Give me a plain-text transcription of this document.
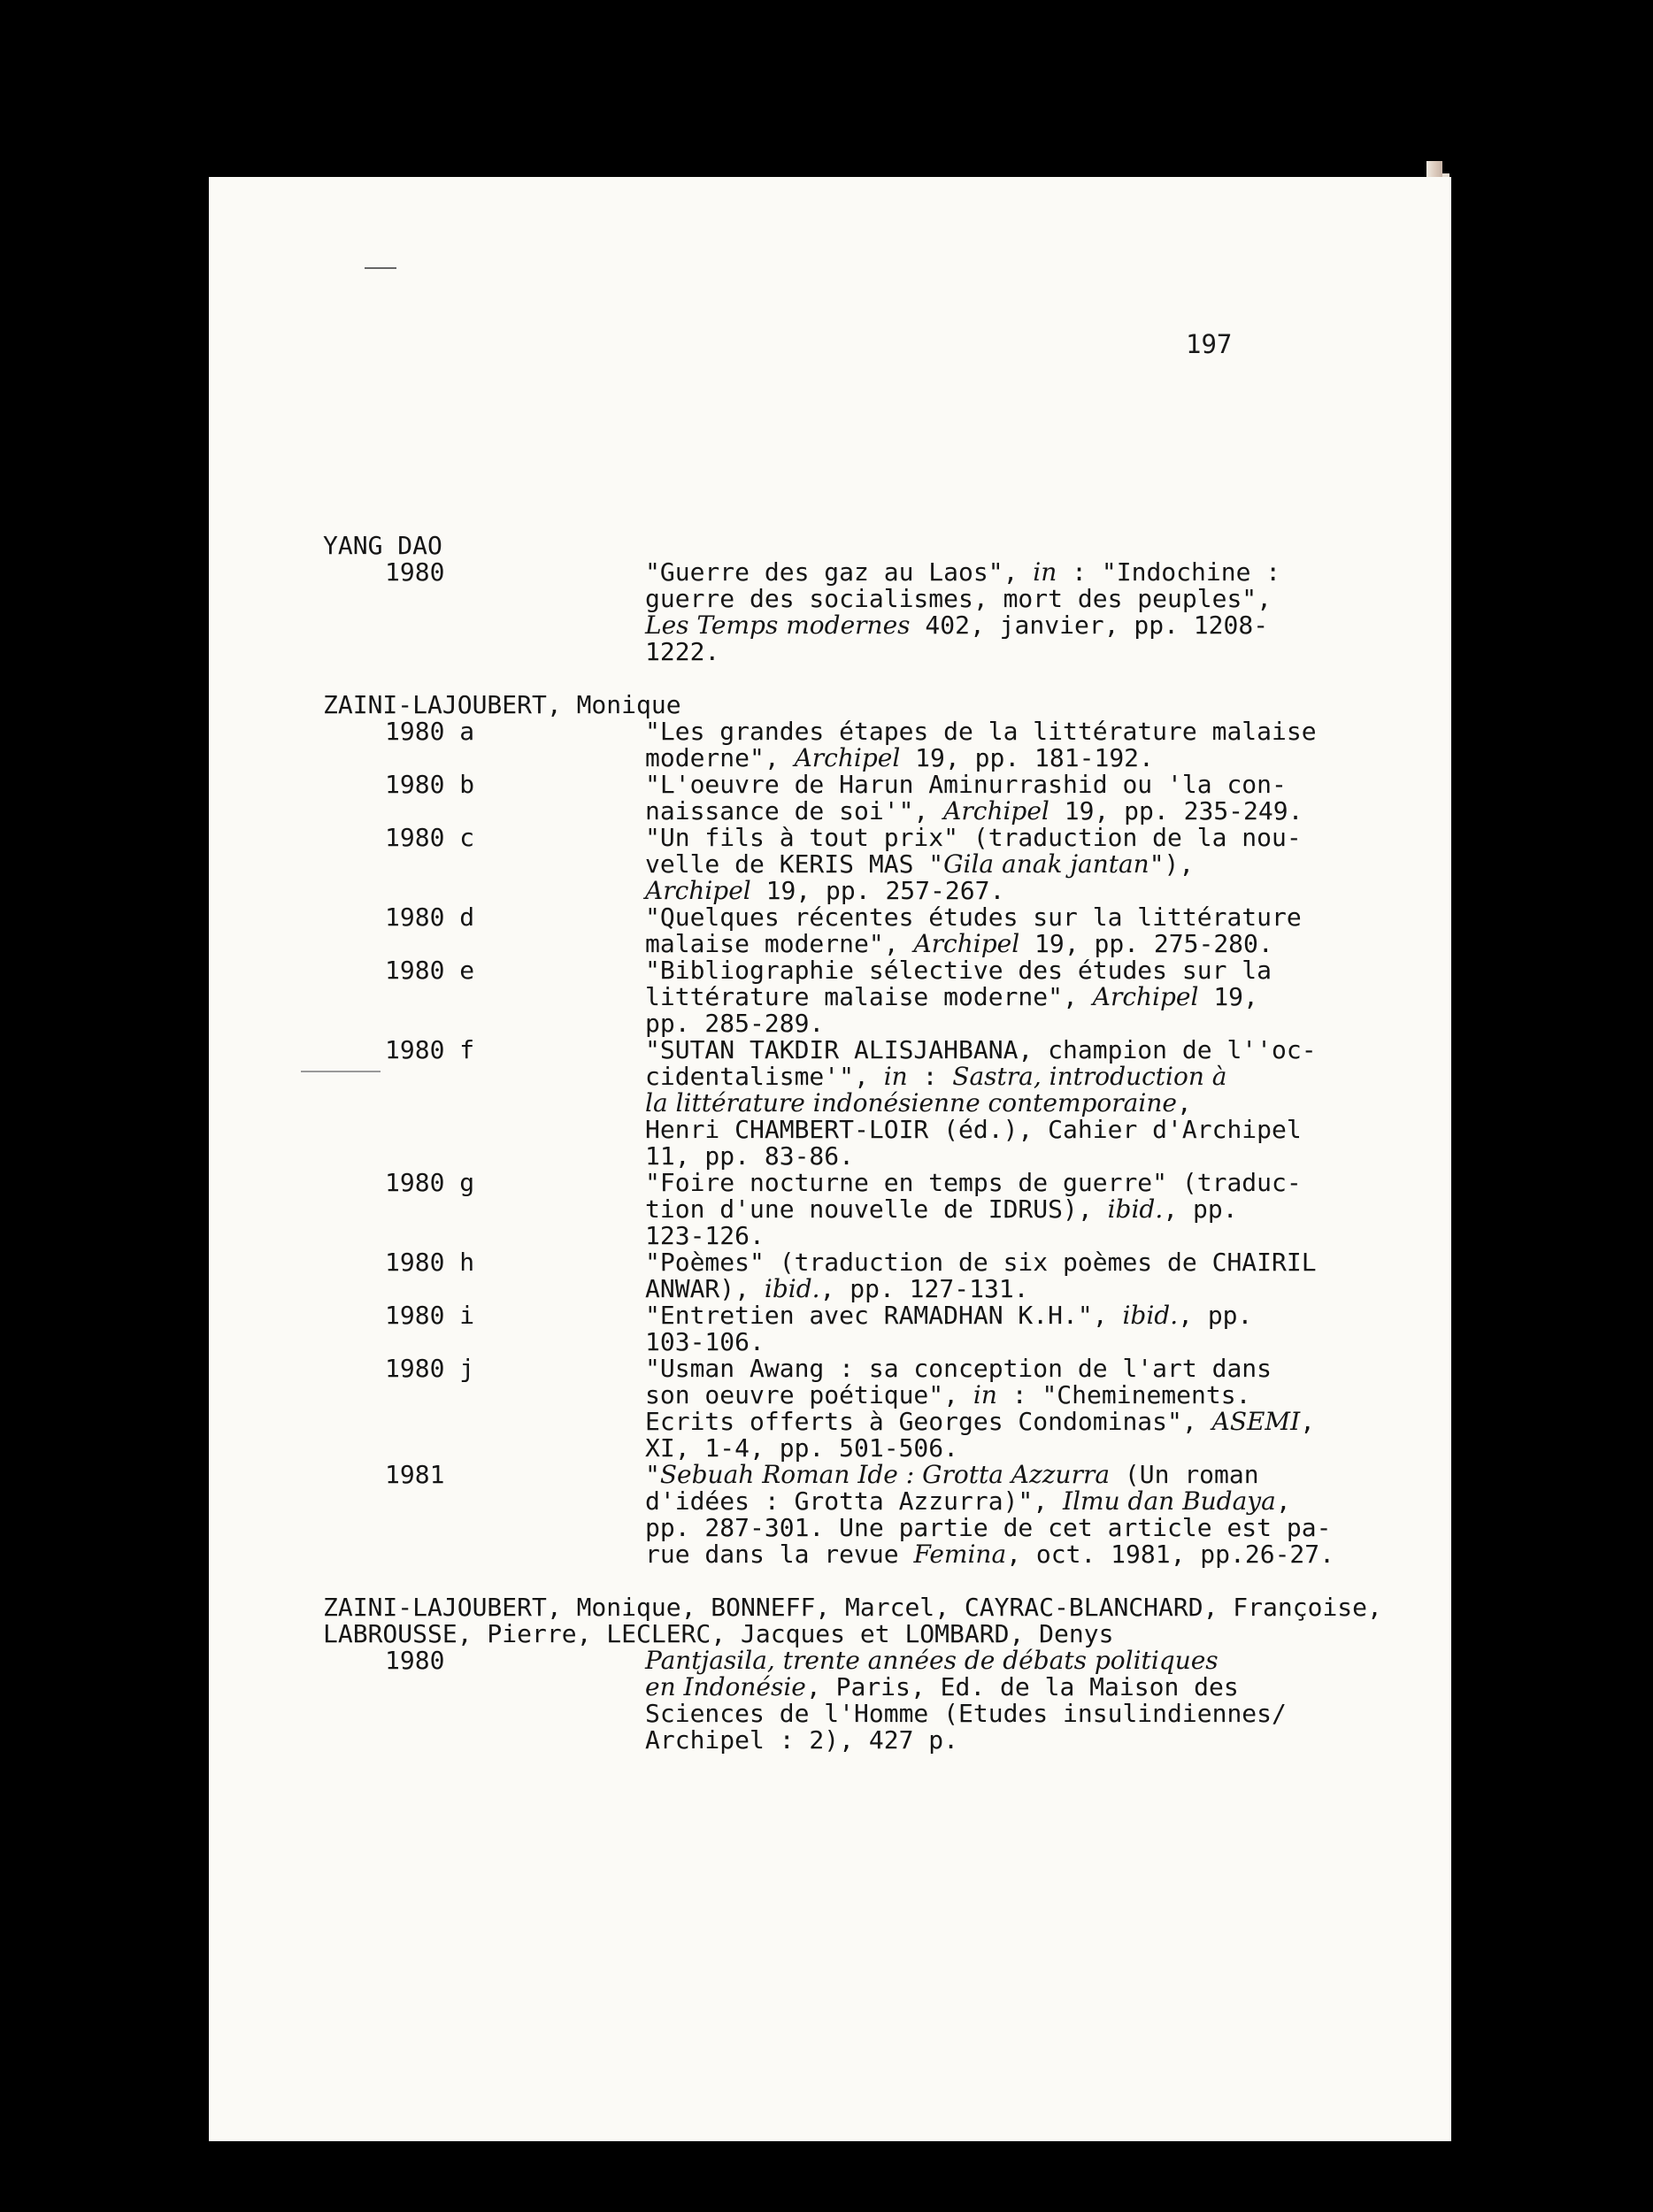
197
YANG DAO
1980	"Guerre des gaz au Laos", in : "Indochine :
guerre des socialismes, mort des peuples",
Les Temps modernes 402, janvier, pp. 1208-
1222.
ZAINI-LAJOUBERT, Monique
1980 a	"Les grandes étapes de la littérature malaise
moderne", Archipel 19, pp. 181-192.
1980 b	"L'oeuvre de Harun Aminurrashid ou 'la con-
naissance de soi'", Archipel 19, pp. 235-249.
1980 c	"Un fils à tout prix" (traduction de la nou-
velle de KERIS MAS "Gila anak jantan"),
Archipel 19, pp. 257-267.
1980 d	"Quelques récentes études sur la littérature
malaise moderne", Archipel 19, pp. 275-280.
1980 e	"Bibliographie sélective des études sur la
littérature malaise moderne", Archipel 19,
pp. 285-289.
1980 f	"SUTAN TAKDIR ALISJAHBANA, champion de l''oc-
cidentalisme'", in : Sastra, introduction à
la littérature indonésienne contemporaine,
Henri CHAMBERT-LOIR (éd.), Cahier d'Archipel
11, pp. 83-86.
1980 g	"Foire nocturne en temps de guerre" (traduc-
tion d'une nouvelle de IDRUS), ibid., pp.
123-126.
1980 h	"Poèmes" (traduction de six poèmes de CHAIRIL
ANWAR), ibid., pp. 127-131.
1980 i	"Entretien avec RAMADHAN K.H.", ibid., pp.
103-106.
1980 j	"Usman Awang : sa conception de l'art dans
son oeuvre poétique", in : "Cheminements.
Ecrits offerts à Georges Condominas", ASEMI,
XI, 1-4, pp. 501-506.
1981	"Sebuah Roman Ide : Grotta Azzurra (Un roman
d'idées : Grotta Azzurra)", Ilmu dan Budaya,
pp. 287-301. Une partie de cet article est pa-
rue dans la revue Femina, oct. 1981, pp.26-27.
ZAINI-LAJOUBERT, Monique, BONNEFF, Marcel, CAYRAC-BLANCHARD, Françoise,
LABROUSSE, Pierre, LECLERC, Jacques et LOMBARD, Denys
1980	Pantjasila, trente années de débats politiques
en Indonésie, Paris, Ed. de la Maison des
Sciences de l'Homme (Etudes insulindiennes/
Archipel : 2), 427 p.
